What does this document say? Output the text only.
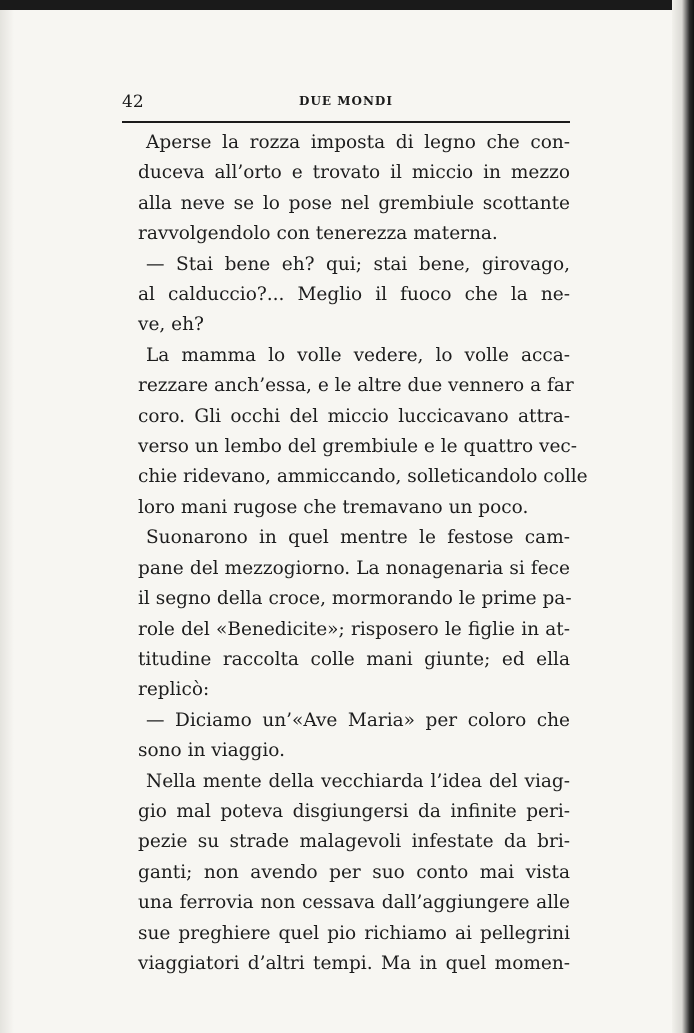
42	DUE MONDI
Aperse la rozza imposta di legno che con-
duceva all’orto e trovato il miccio in mezzo
alla neve se lo pose nel grembiule scottante
ravvolgendolo con tenerezza materna.
— Stai bene eh? qui; stai bene, girovago,
al calduccio?... Meglio il fuoco che la ne-
ve, eh?
La mamma lo volle vedere, lo volle acca-
rezzare anch’essa, e le altre due vennero a far
coro. Gli occhi del miccio luccicavano attra-
verso un lembo del grembiule e le quattro vec-
chie ridevano, ammiccando, solleticandolo colle
loro mani rugose che tremavano un poco.
Suonarono in quel mentre le festose cam-
pane del mezzogiorno. La nonagenaria si fece
il segno della croce, mormorando le prime pa-
role del «Benedicite»; risposero le figlie in at-
titudine raccolta colle mani giunte; ed ella
replicò:
— Diciamo un’«Ave Maria» per coloro che
sono in viaggio.
Nella mente della vecchiarda l’idea del viag-
gio mal poteva disgiungersi da infinite peri-
pezie su strade malagevoli infestate da bri-
ganti; non avendo per suo conto mai vista
una ferrovia non cessava dall’aggiungere alle
sue preghiere quel pio richiamo ai pellegrini
viaggiatori d’altri tempi. Ma in quel momen-
